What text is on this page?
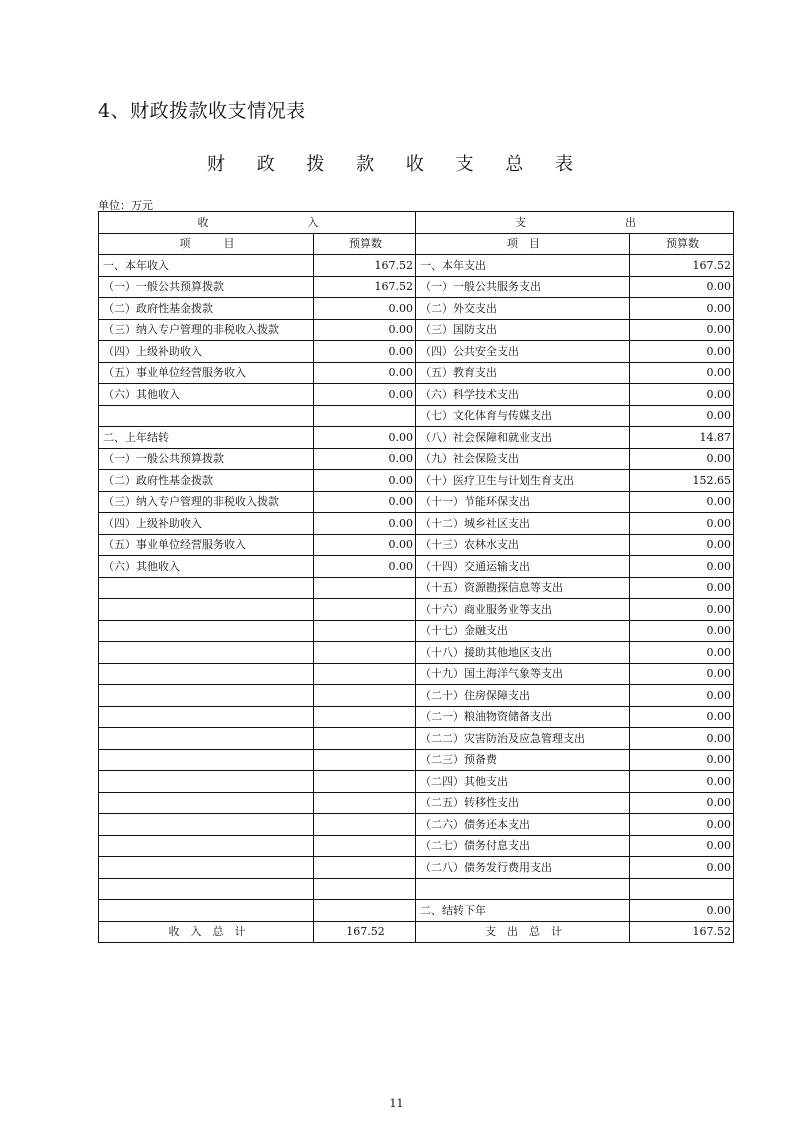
4、财政拨款收支情况表
财 政 拨 款 收 支 总 表
单位：万元
收　　　　　　　　　入		支　　　　　　　　　出	
项　　　目	预算数	项　目	预算数
一、本年收入	167.52	一、本年支出	167.52
（一）一般公共预算拨款	167.52	（一）一般公共服务支出	0.00
（二）政府性基金拨款	0.00	（二）外交支出	0.00
（三）纳入专户管理的非税收入拨款	0.00	（三）国防支出	0.00
（四）上级补助收入	0.00	（四）公共安全支出	0.00
（五）事业单位经营服务收入	0.00	（五）教育支出	0.00
（六）其他收入	0.00	（六）科学技术支出	0.00
		（七）文化体育与传媒支出	0.00
二、上年结转	0.00	（八）社会保障和就业支出	14.87
（一）一般公共预算拨款	0.00	（九）社会保险支出	0.00
（二）政府性基金拨款	0.00	（十）医疗卫生与计划生育支出	152.65
（三）纳入专户管理的非税收入拨款	0.00	（十一）节能环保支出	0.00
（四）上级补助收入	0.00	（十二）城乡社区支出	0.00
（五）事业单位经营服务收入	0.00	（十三）农林水支出	0.00
（六）其他收入	0.00	（十四）交通运输支出	0.00
		（十五）资源勘探信息等支出	0.00
		（十六）商业服务业等支出	0.00
		（十七）金融支出	0.00
		（十八）援助其他地区支出	0.00
		（十九）国土海洋气象等支出	0.00
		（二十）住房保障支出	0.00
		（二一）粮油物资储备支出	0.00
		（二二）灾害防治及应急管理支出	0.00
		（二三）预备费	0.00
		（二四）其他支出	0.00
		（二五）转移性支出	0.00
		（二六）债务还本支出	0.00
		（二七）债务付息支出	0.00
		（二八）债务发行费用支出	0.00

		二、结转下年	0.00
收　入　总　计	167.52	支　出　总　计	167.52
11
